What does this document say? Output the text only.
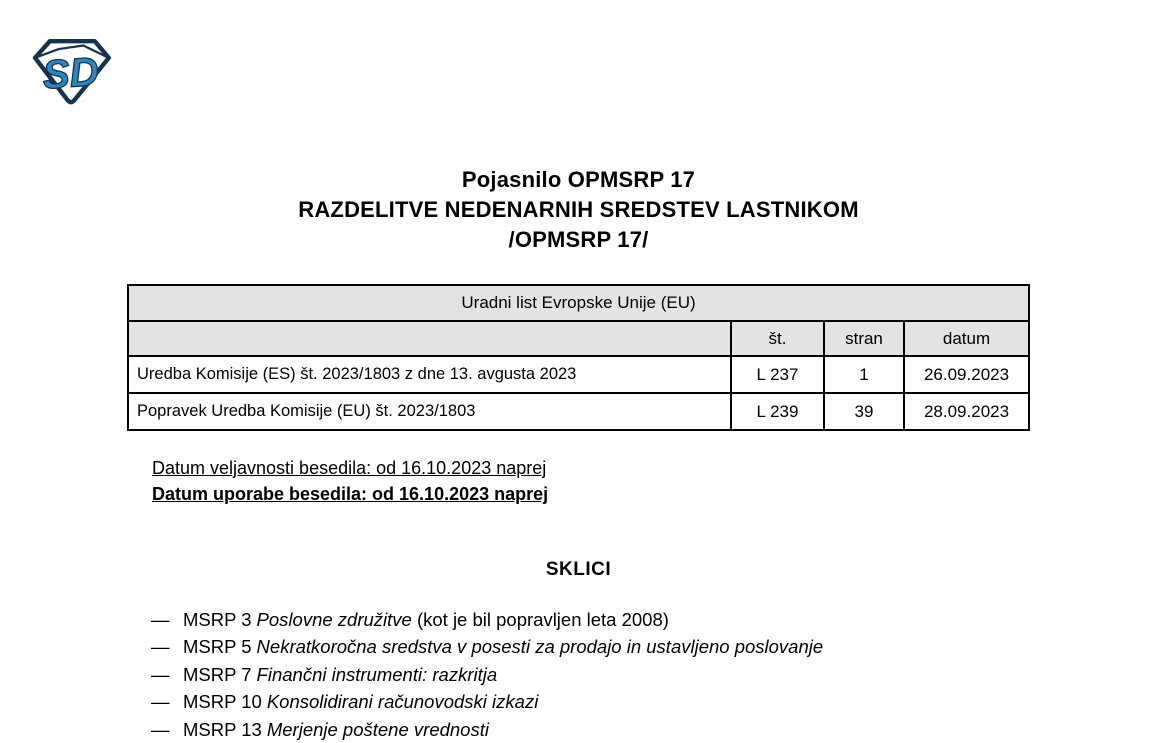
SD
Pojasnilo OPMSRP 17
RAZDELITVE NEDENARNIH SREDSTEV LASTNIKOM
/OPMSRP 17/
Uradni list Evropske Unije (EU)			
	št.	stran	datum
Uredba Komisije (ES) št. 2023/1803 z dne 13. avgusta 2023	L 237	1	26.09.2023
Popravek Uredba Komisije (EU) št. 2023/1803	L 239	39	28.09.2023
Datum veljavnosti besedila: od 16.10.2023 naprej
Datum uporabe besedila: od 16.10.2023 naprej
SKLICI
— MSRP 3 Poslovne združitve (kot je bil popravljen leta 2008)
— MSRP 5 Nekratkoročna sredstva v posesti za prodajo in ustavljeno poslovanje
— MSRP 7 Finančni instrumenti: razkritja
— MSRP 10 Konsolidirani računovodski izkazi
— MSRP 13 Merjenje poštene vrednosti
